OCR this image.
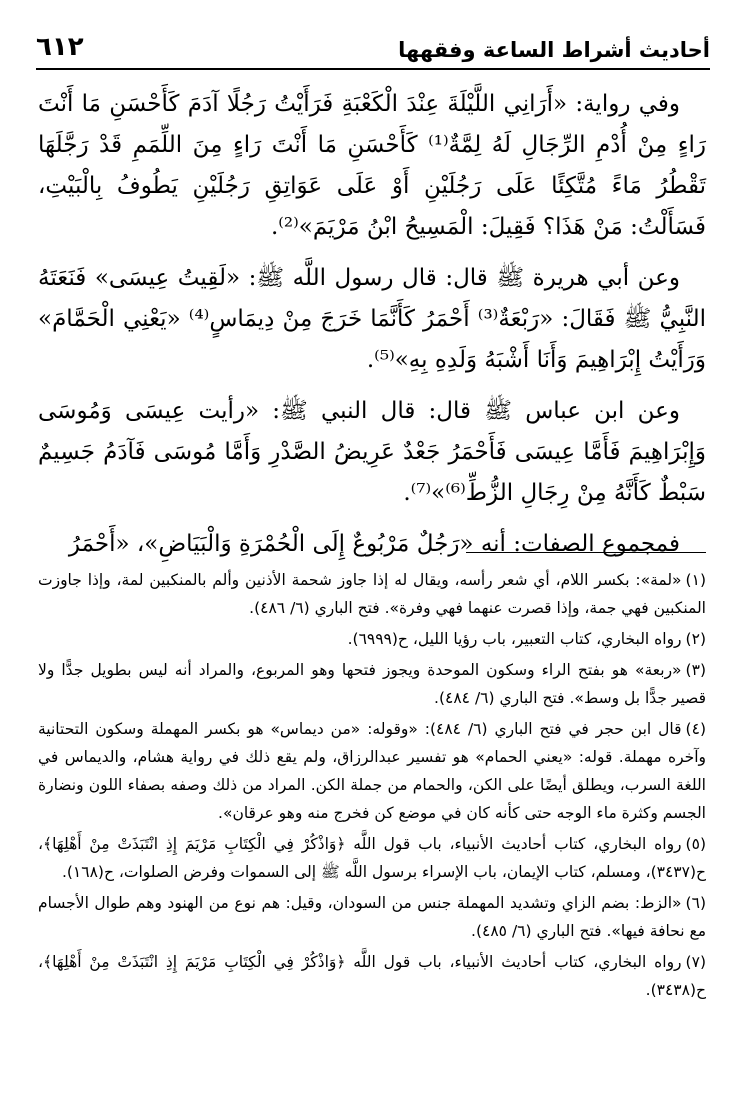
أحاديث أشراط الساعة وفقهها
٦١٢

وفي رواية: «أَرَانِي اللَّيْلَةَ عِنْدَ الْكَعْبَةِ فَرَأَيْتُ رَجُلًا آدَمَ كَأَحْسَنِ مَا أَنْتَ رَاءٍ مِنْ أُدْمِ الرِّجَالِ لَهُ لِمَّةٌ⁽¹⁾ كَأَحْسَنِ مَا أَنْتَ رَاءٍ مِنَ اللِّمَمِ قَدْ رَجَّلَهَا تَقْطُرُ مَاءً مُتَّكِئًا عَلَى رَجُلَيْنِ أَوْ عَلَى عَوَاتِقِ رَجُلَيْنِ يَطُوفُ بِالْبَيْتِ، فَسَأَلْتُ: مَنْ هَذَا؟ فَقِيلَ: الْمَسِيحُ ابْنُ مَرْيَمَ»⁽²⁾.

وعن أبي هريرة ﷺ قال: قال رسول اللَّه ﷺ: «لَقِيتُ عِيسَى» فَنَعَتَهُ النَّبِيُّ ﷺ فَقَالَ: «رَبْعَةٌ⁽³⁾ أَحْمَرُ كَأَنَّمَا خَرَجَ مِنْ دِيمَاسٍ⁽⁴⁾ «يَعْنِي الْحَمَّامَ» وَرَأَيْتُ إِبْرَاهِيمَ وَأَنَا أَشْبَهُ وَلَدِهِ بِهِ»⁽⁵⁾.

وعن ابن عباس ﷺ قال: قال النبي ﷺ: «رأيت عِيسَى وَمُوسَى وَإِبْرَاهِيمَ فَأَمَّا عِيسَى فَأَحْمَرُ جَعْدٌ عَرِيضُ الصَّدْرِ وَأَمَّا مُوسَى فَآدَمُ جَسِيمٌ سَبْطٌ كَأَنَّهُ مِنْ رِجَالِ الزُّطِّ⁽⁶⁾»⁽⁷⁾.

فمجموع الصفات: أنه «رَجُلٌ مَرْبُوعٌ إِلَى الْحُمْرَةِ وَالْبَيَاضِ»، «أَحْمَرُ

(١)«لمة»: بكسر اللام، أي شعر رأسه، ويقال له إذا جاوز شحمة الأذنين وألم بالمنكبين لمة، وإذا جاوزت المنكبين فهي جمة، وإذا قصرت عنهما فهي وفرة». فتح الباري (٦/ ٤٨٦).

(٢)رواه البخاري، كتاب التعبير، باب رؤيا الليل، ح(٦٩٩٩).

(٣)«ربعة» هو بفتح الراء وسكون الموحدة ويجوز فتحها وهو المربوع، والمراد أنه ليس بطويل جدًّا ولا قصير جدًّا بل وسط». فتح الباري (٦/ ٤٨٤).

(٤)قال ابن حجر في فتح الباري (٦/ ٤٨٤): «وقوله: «من ديماس» هو بكسر المهملة وسكون التحتانية وآخره مهملة. قوله: «يعني الحمام» هو تفسير عبدالرزاق، ولم يقع ذلك في رواية هشام، والديماس في اللغة السرب، ويطلق أيضًا على الكن، والحمام من جملة الكن. المراد من ذلك وصفه بصفاء اللون ونضارة الجسم وكثرة ماء الوجه حتى كأنه كان في موضع كن فخرج منه وهو عرقان».

(٥)رواه البخاري، كتاب أحاديث الأنبياء، باب قول اللَّه ﴿وَاذْكُرْ فِي الْكِتَابِ مَرْيَمَ إِذِ انْتَبَذَتْ مِنْ أَهْلِهَا﴾، ح(٣٤٣٧)، ومسلم، كتاب الإيمان، باب الإسراء برسول اللَّه ﷺ إلى السموات وفرض الصلوات، ح(١٦٨).

(٦)«الزط: بضم الزاي وتشديد المهملة جنس من السودان، وقيل: هم نوع من الهنود وهم طوال الأجسام مع نحافة فيها». فتح الباري (٦/ ٤٨٥).

(٧)رواه البخاري، كتاب أحاديث الأنبياء، باب قول اللَّه ﴿وَاذْكُرْ فِي الْكِتَابِ مَرْيَمَ إِذِ انْتَبَذَتْ مِنْ أَهْلِهَا﴾، ح(٣٤٣٨).
